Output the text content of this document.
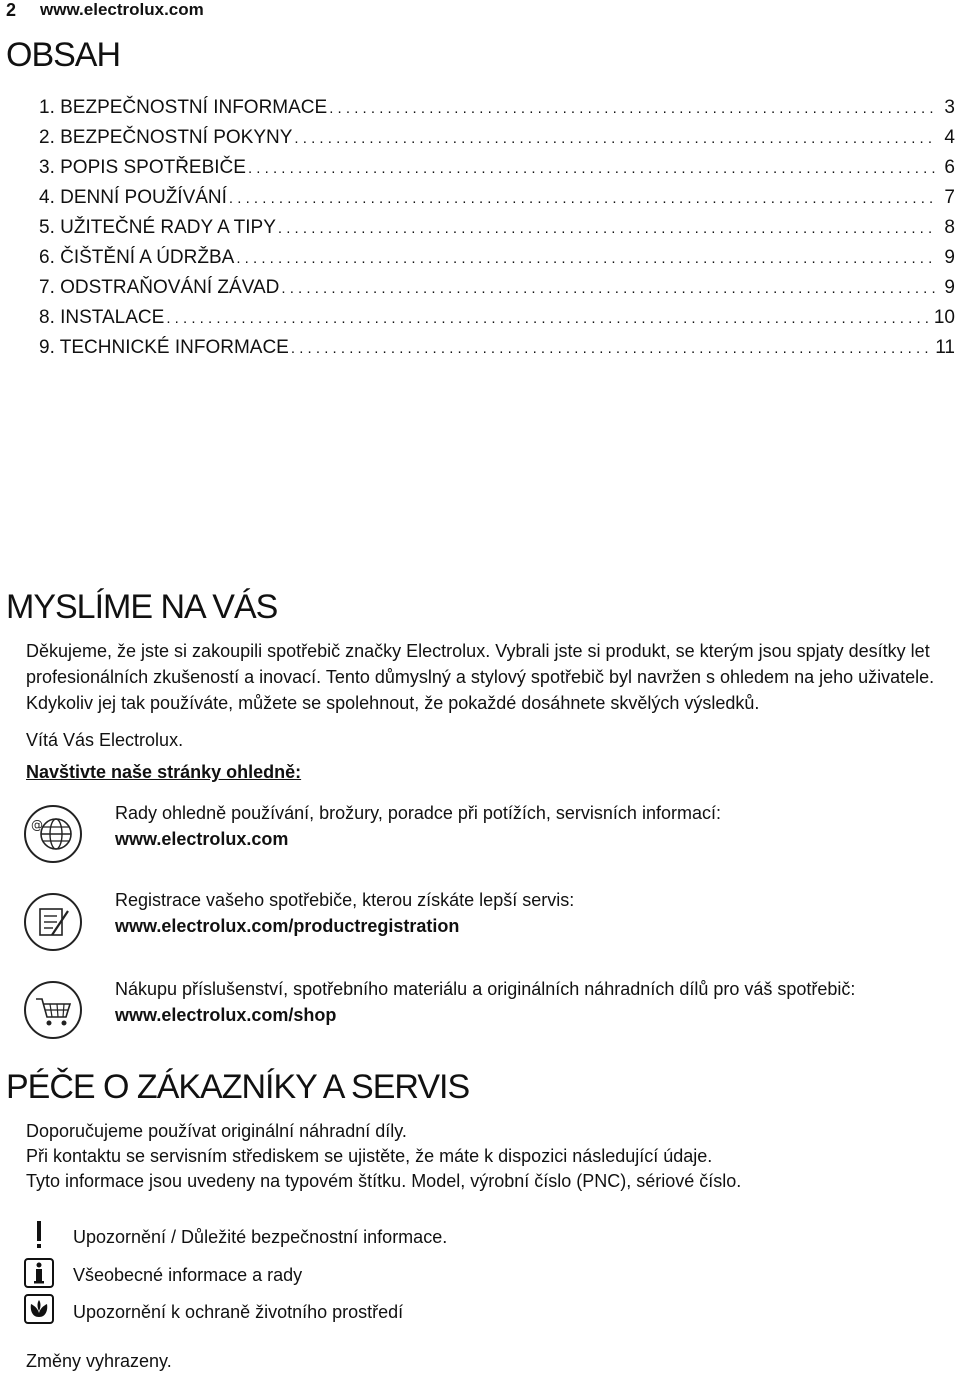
2 www.electrolux.com
OBSAH
1. BEZPEČNOSTNÍ INFORMACE . . .	3
2. BEZPEČNOSTNÍ POKYNY . . .	4
3. POPIS SPOTŘEBIČE . . .	6
4. DENNÍ POUŽÍVÁNÍ . . .	7
5. UŽITEČNÉ RADY A TIPY . . .	8
6. ČIŠTĚNÍ A ÚDRŽBA . . .	9
7. ODSTRAŇOVÁNÍ ZÁVAD . . .	9
8. INSTALACE . . .	10
9. TECHNICKÉ INFORMACE . . .	11
MYSLÍME NA VÁS
Děkujeme, že jste si zakoupili spotřebič značky Electrolux. Vybrali jste si produkt, se kterým jsou spjaty desítky let profesionálních zkušeností a inovací. Tento důmyslný a stylový spotřebič byl navržen s ohledem na jeho uživatele. Kdykoliv jej tak používáte, můžete se spolehnout, že pokaždé dosáhnete skvělých výsledků.
Vítá Vás Electrolux.
Navštivte naše stránky ohledně:
@
Rady ohledně používání, brožury, poradce při potížích, servisních informací:
www.electrolux.com
Registrace vašeho spotřebiče, kterou získáte lepší servis:
www.electrolux.com/productregistration
Nákupu příslušenství, spotřebního materiálu a originálních náhradních dílů pro váš spotřebič:
www.electrolux.com/shop
PÉČE O ZÁKAZNÍKY A SERVIS
Doporučujeme používat originální náhradní díly.
Při kontaktu se servisním střediskem se ujistěte, že máte k dispozici následující údaje.
Tyto informace jsou uvedeny na typovém štítku. Model, výrobní číslo (PNC), sériové číslo.
Upozornění / Důležité bezpečnostní informace.
Všeobecné informace a rady
Upozornění k ochraně životního prostředí
Změny vyhrazeny.
